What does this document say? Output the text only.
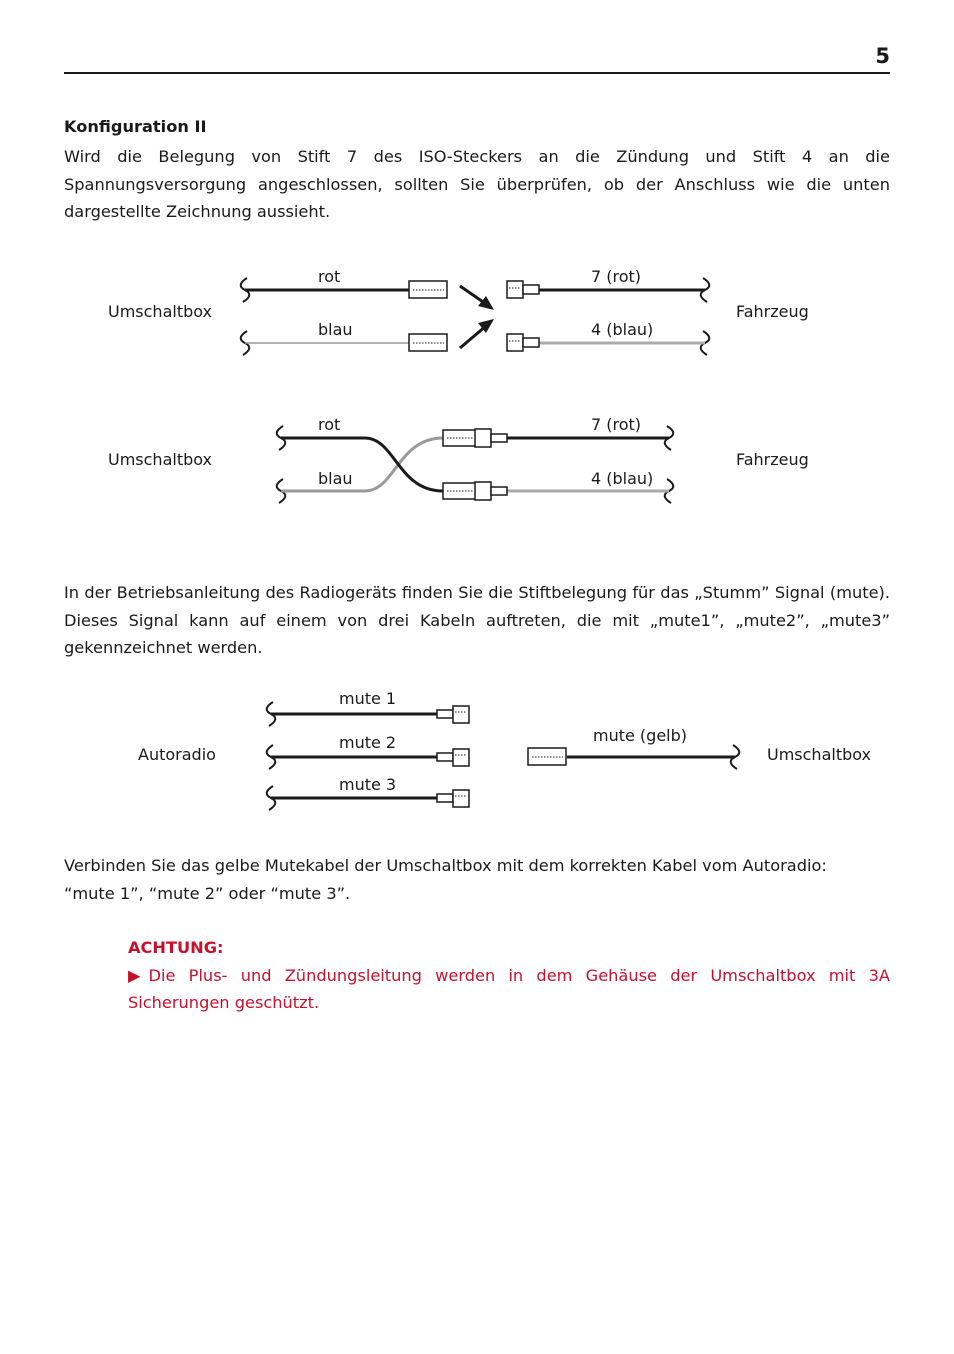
5
Konfiguration II
Wird die Belegung von Stift 7 des ISO-Steckers an die Zündung und Stift 4 an die Spannungsversorgung angeschlossen, sollten Sie überprüfen, ob der Anschluss wie die unten dargestellte Zeichnung aussieht.
Umschaltbox	Fahrzeug
rot
blau
7 (rot)
4 (blau)
Umschaltbox	Fahrzeug
rot
blau
7 (rot)
4 (blau)
In der Betriebsanleitung des Radiogeräts finden Sie die Stiftbelegung für das „Stumm” Signal (mute). Dieses Signal kann auf einem von drei Kabeln auftreten, die mit „mute1”, „mute2”, „mute3” gekennzeichnet werden.
Autoradio	Umschaltbox
mute 1
mute 2
mute 3
mute (gelb)
Verbinden Sie das gelbe Mutekabel der Umschaltbox mit dem korrekten Kabel vom Autoradio:
“mute 1”, “mute 2” oder “mute 3”.
ACHTUNG:
▶Die Plus- und Zündungsleitung werden in dem Gehäuse der Umschaltbox mit 3A Sicherungen geschützt.
